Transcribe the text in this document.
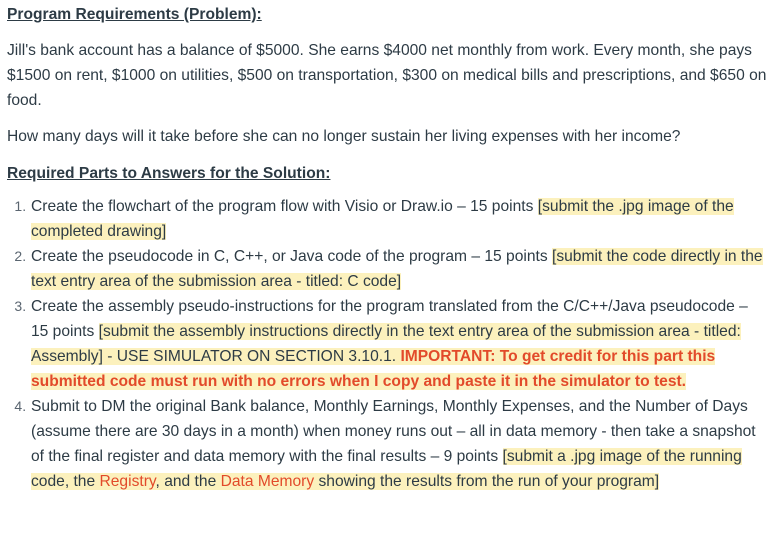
Program Requirements (Problem):

Jill's bank account has a balance of $5000. She earns $4000 net monthly from work. Every month, she pays $1500 on rent, $1000 on utilities, $500 on transportation, $300 on medical bills and prescriptions, and $650 on food.

How many days will it take before she can no longer sustain her living expenses with her income?

Required Parts to Answers for the Solution:

1. Create the flowchart of the program flow with Visio or Draw.io – 15 points [submit the .jpg image of the completed drawing]
2. Create the pseudocode in C, C++, or Java code of the program – 15 points [submit the code directly in the text entry area of the submission area - titled: C code]
3. Create the assembly pseudo-instructions for the program translated from the C/C++/Java pseudocode – 15 points [submit the assembly instructions directly in the text entry area of the submission area - titled: Assembly] - USE SIMULATOR ON SECTION 3.10.1. IMPORTANT: To get credit for this part this submitted code must run with no errors when I copy and paste it in the simulator to test.
4. Submit to DM the original Bank balance, Monthly Earnings, Monthly Expenses, and the Number of Days (assume there are 30 days in a month) when money runs out – all in data memory - then take a snapshot of the final register and data memory with the final results – 9 points [submit a .jpg image of the running code, the Registry, and the Data Memory showing the results from the run of your program]
